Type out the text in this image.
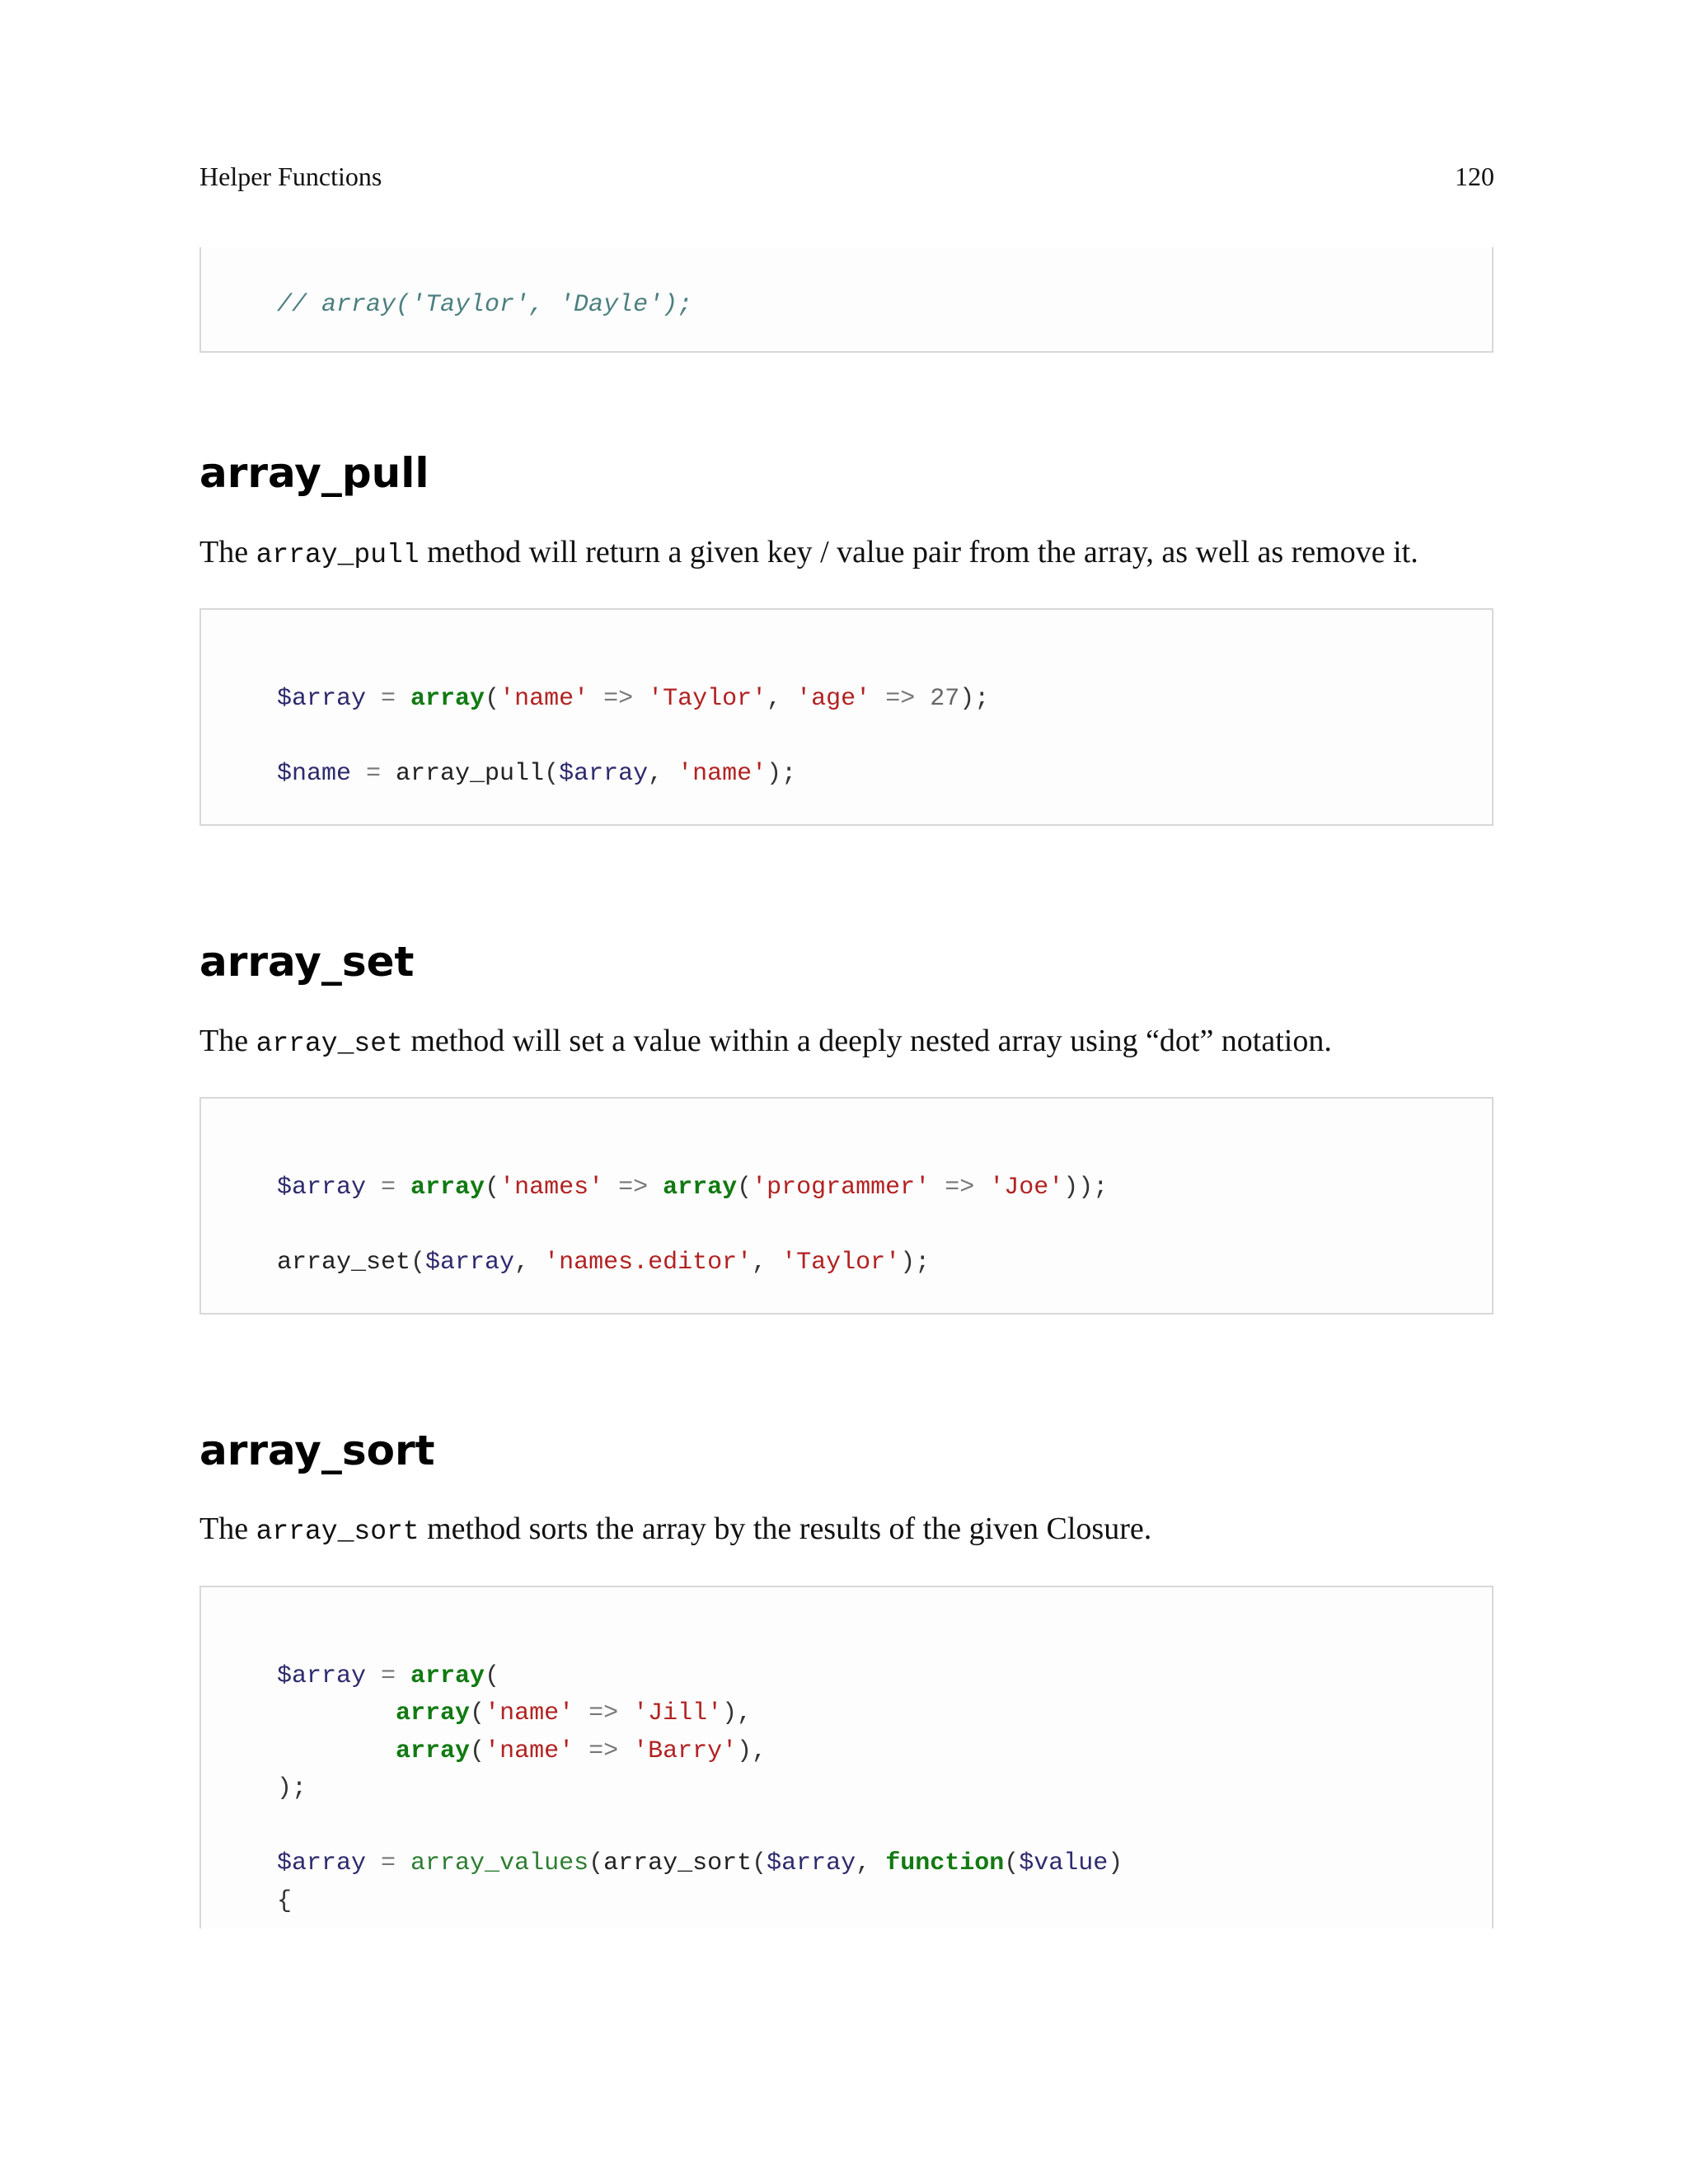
Helper Functions	120
// array('Taylor', 'Dayle');
array_pull

The array_pull method will return a given key / value pair from the array, as well as remove it.

$array = array('name' => 'Taylor', 'age' => 27);

$name = array_pull($array, 'name');
array_set

The array_set method will set a value within a deeply nested array using “dot” notation.

$array = array('names' => array('programmer' => 'Joe'));

array_set($array, 'names.editor', 'Taylor');
array_sort

The array_sort method sorts the array by the results of the given Closure.

$array = array(
array('name' => 'Jill'),
array('name' => 'Barry'),
);

$array = array_values(array_sort($array, function($value)
{
